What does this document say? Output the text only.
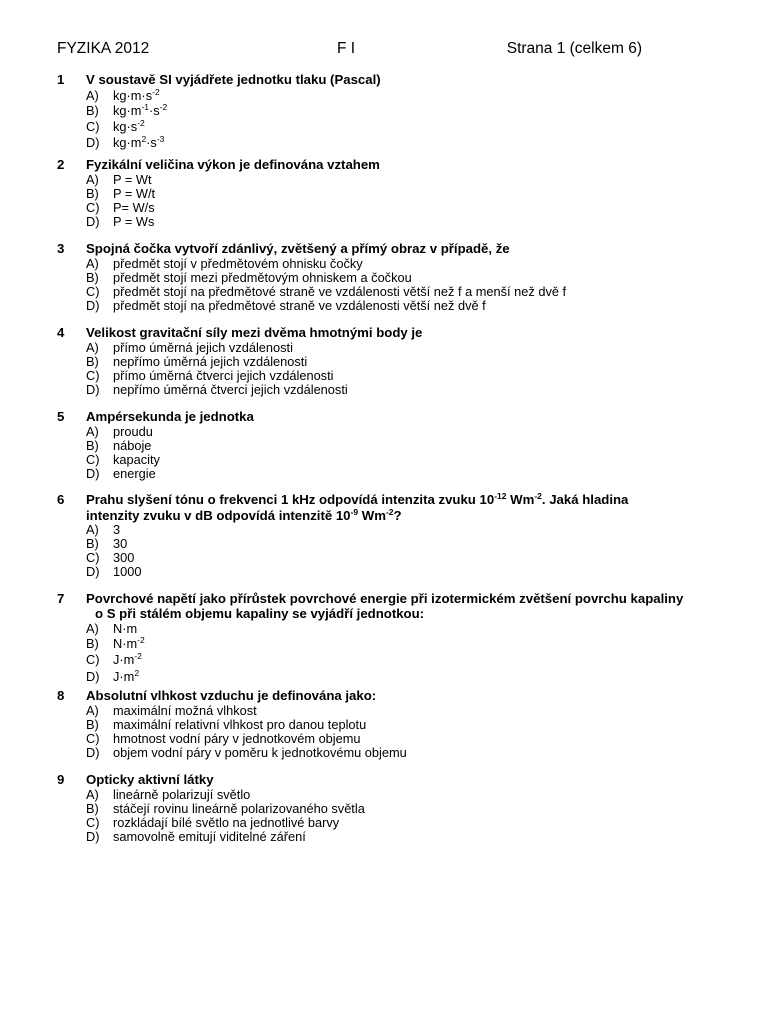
FYZIKA 2012	F I	Strana 1 (celkem 6)
1	V soustavě SI vyjádřete jednotku tlaku (Pascal)
A)	$kg\cdot m\cdot s^{-2}$
B)	$kg\cdot m^{-1}\cdot s^{-2}$
C)	$kg\cdot s^{-2}$
D)	$kg\cdot m^2\cdot s^{-3}$
2	Fyzikální veličina výkon je definována vztahem
A)	P = Wt
B)	P = W/t
C)	P= W/s
D)	P = Ws
3	Spojná čočka vytvoří zdánlivý, zvětšený a přímý obraz v případě, že
A)	předmět stojí v předmětovém ohnisku čočky
B)	předmět stojí mezi předmětovým ohniskem a čočkou
C)	předmět stojí na předmětové straně ve vzdálenosti větší než f a menší než dvě f
D)	předmět stojí na předmětové straně ve vzdálenosti větší než dvě f
4	Velikost gravitační síly mezi dvěma hmotnými body je
A)	přímo úměrná jejich vzdálenosti
B)	nepřímo úměrná jejich vzdálenosti
C)	přímo úměrná čtverci jejich vzdálenosti
D)	nepřímo úměrná čtverci jejich vzdálenosti
5	Ampérsekunda je jednotka
A)	proudu
B)	náboje
C)	kapacity
D)	energie
6	Prahu slyšení tónu o frekvenci 1 kHz odpovídá intenzita zvuku $10^{-12}$ $Wm^{-2}$. Jaká hladina
intenzity zvuku v dB odpovídá intenzitě $10^{-9}$ $Wm^{-2}$?
A)	3
B)	30
C)	300
D)	1000
7	Povrchové napětí jako přírůstek povrchové energie při izotermickém zvětšení povrchu kapaliny
o S při stálém objemu kapaliny se vyjádří jednotkou:
A)	N·m
B)	$N\cdot m^{-2}$
C)	$J\cdot m^{-2}$
D)	$J\cdot m^2$
8	Absolutní vlhkost vzduchu je definována jako:
A)	maximální možná vlhkost
B)	maximální relativní vlhkost pro danou teplotu
C)	hmotnost vodní páry v jednotkovém objemu
D)	objem vodní páry v poměru k jednotkovému objemu
9	Opticky aktivní látky
A)	lineárně polarizují světlo
B)	stáčejí rovinu lineárně polarizovaného světla
C)	rozkládají bílé světlo na jednotlivé barvy
D)	samovolně emitují viditelné záření
